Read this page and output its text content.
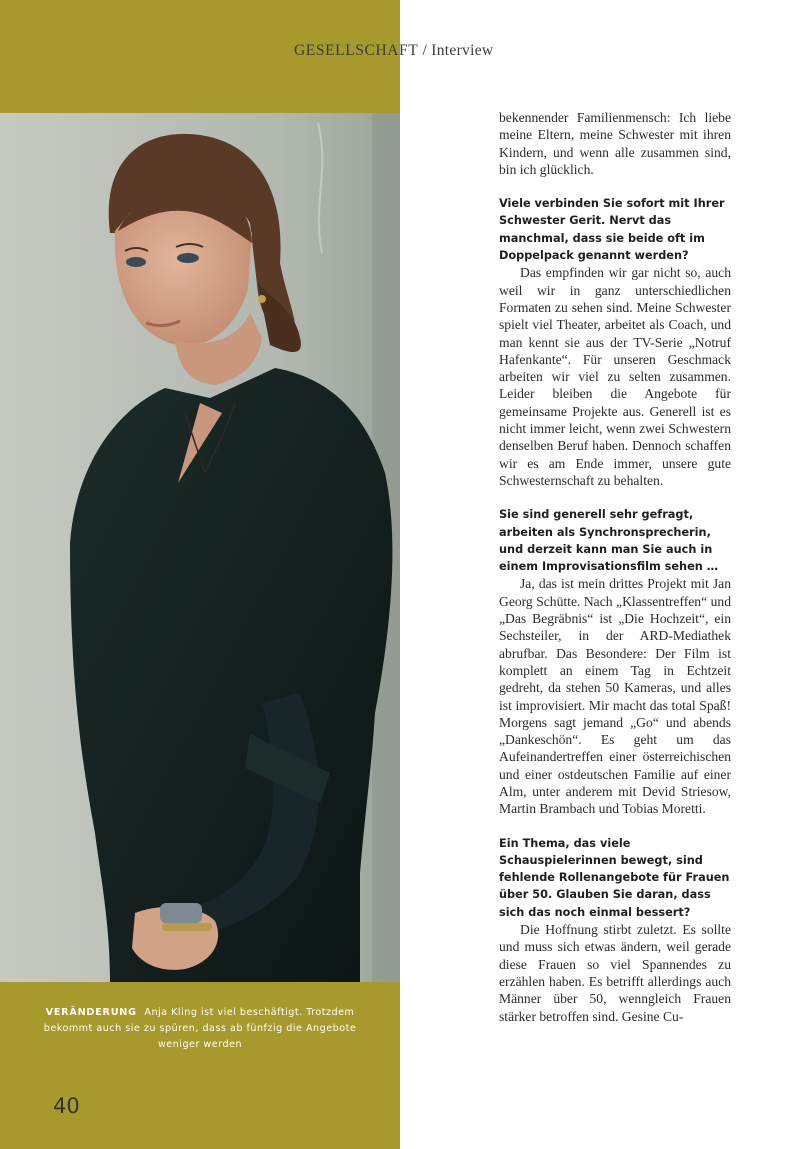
GESELLSCHAFT / Interview
VERÄNDERUNG Anja Kling ist viel beschäftigt. Trotzdem bekommt auch sie zu spüren, dass ab fünfzig die Angebote weniger werden
40

bekennender Familienmensch: Ich liebe meine Eltern, meine Schwester mit ihren Kindern, und wenn alle zusammen sind, bin ich glücklich.

Viele verbinden Sie sofort mit Ihrer Schwester Gerit. Nervt das manchmal, dass sie beide oft im Doppelpack genannt werden?

Das empfinden wir gar nicht so, auch weil wir in ganz unterschiedlichen Formaten zu sehen sind. Meine Schwester spielt viel Theater, arbeitet als Coach, und man kennt sie aus der TV-Serie „Notruf Hafenkante“. Für unseren Geschmack arbeiten wir viel zu selten zusammen. Leider bleiben die Angebote für gemeinsame Projekte aus. Generell ist es nicht immer leicht, wenn zwei Schwestern denselben Beruf haben. Dennoch schaffen wir es am Ende immer, unsere gute Schwesternschaft zu behalten.

Sie sind generell sehr gefragt, arbeiten als Synchronsprecherin, und derzeit kann man Sie auch in einem Improvisationsfilm sehen …

Ja, das ist mein drittes Projekt mit Jan Georg Schütte. Nach „Klassentreffen“ und „Das Begräbnis“ ist „Die Hochzeit“, ein Sechsteiler, in der ARD-Mediathek abrufbar. Das Besondere: Der Film ist komplett an einem Tag in Echtzeit gedreht, da stehen 50 Kameras, und alles ist improvisiert. Mir macht das total Spaß! Morgens sagt jemand „Go“ und abends „Dankeschön“. Es geht um das Aufeinandertreffen einer österreichischen und einer ostdeutschen Familie auf einer Alm, unter anderem mit Devid Striesow, Martin Brambach und Tobias Moretti.

Ein Thema, das viele Schauspielerinnen bewegt, sind fehlende Rollenangebote für Frauen über 50. Glauben Sie daran, dass sich das noch einmal bessert?

Die Hoffnung stirbt zuletzt. Es sollte und muss sich etwas ändern, weil gerade diese Frauen so viel Spannendes zu erzählen haben. Es betrifft allerdings auch Männer über 50, wenngleich Frauen stärker betroffen sind. Gesine Cu-
